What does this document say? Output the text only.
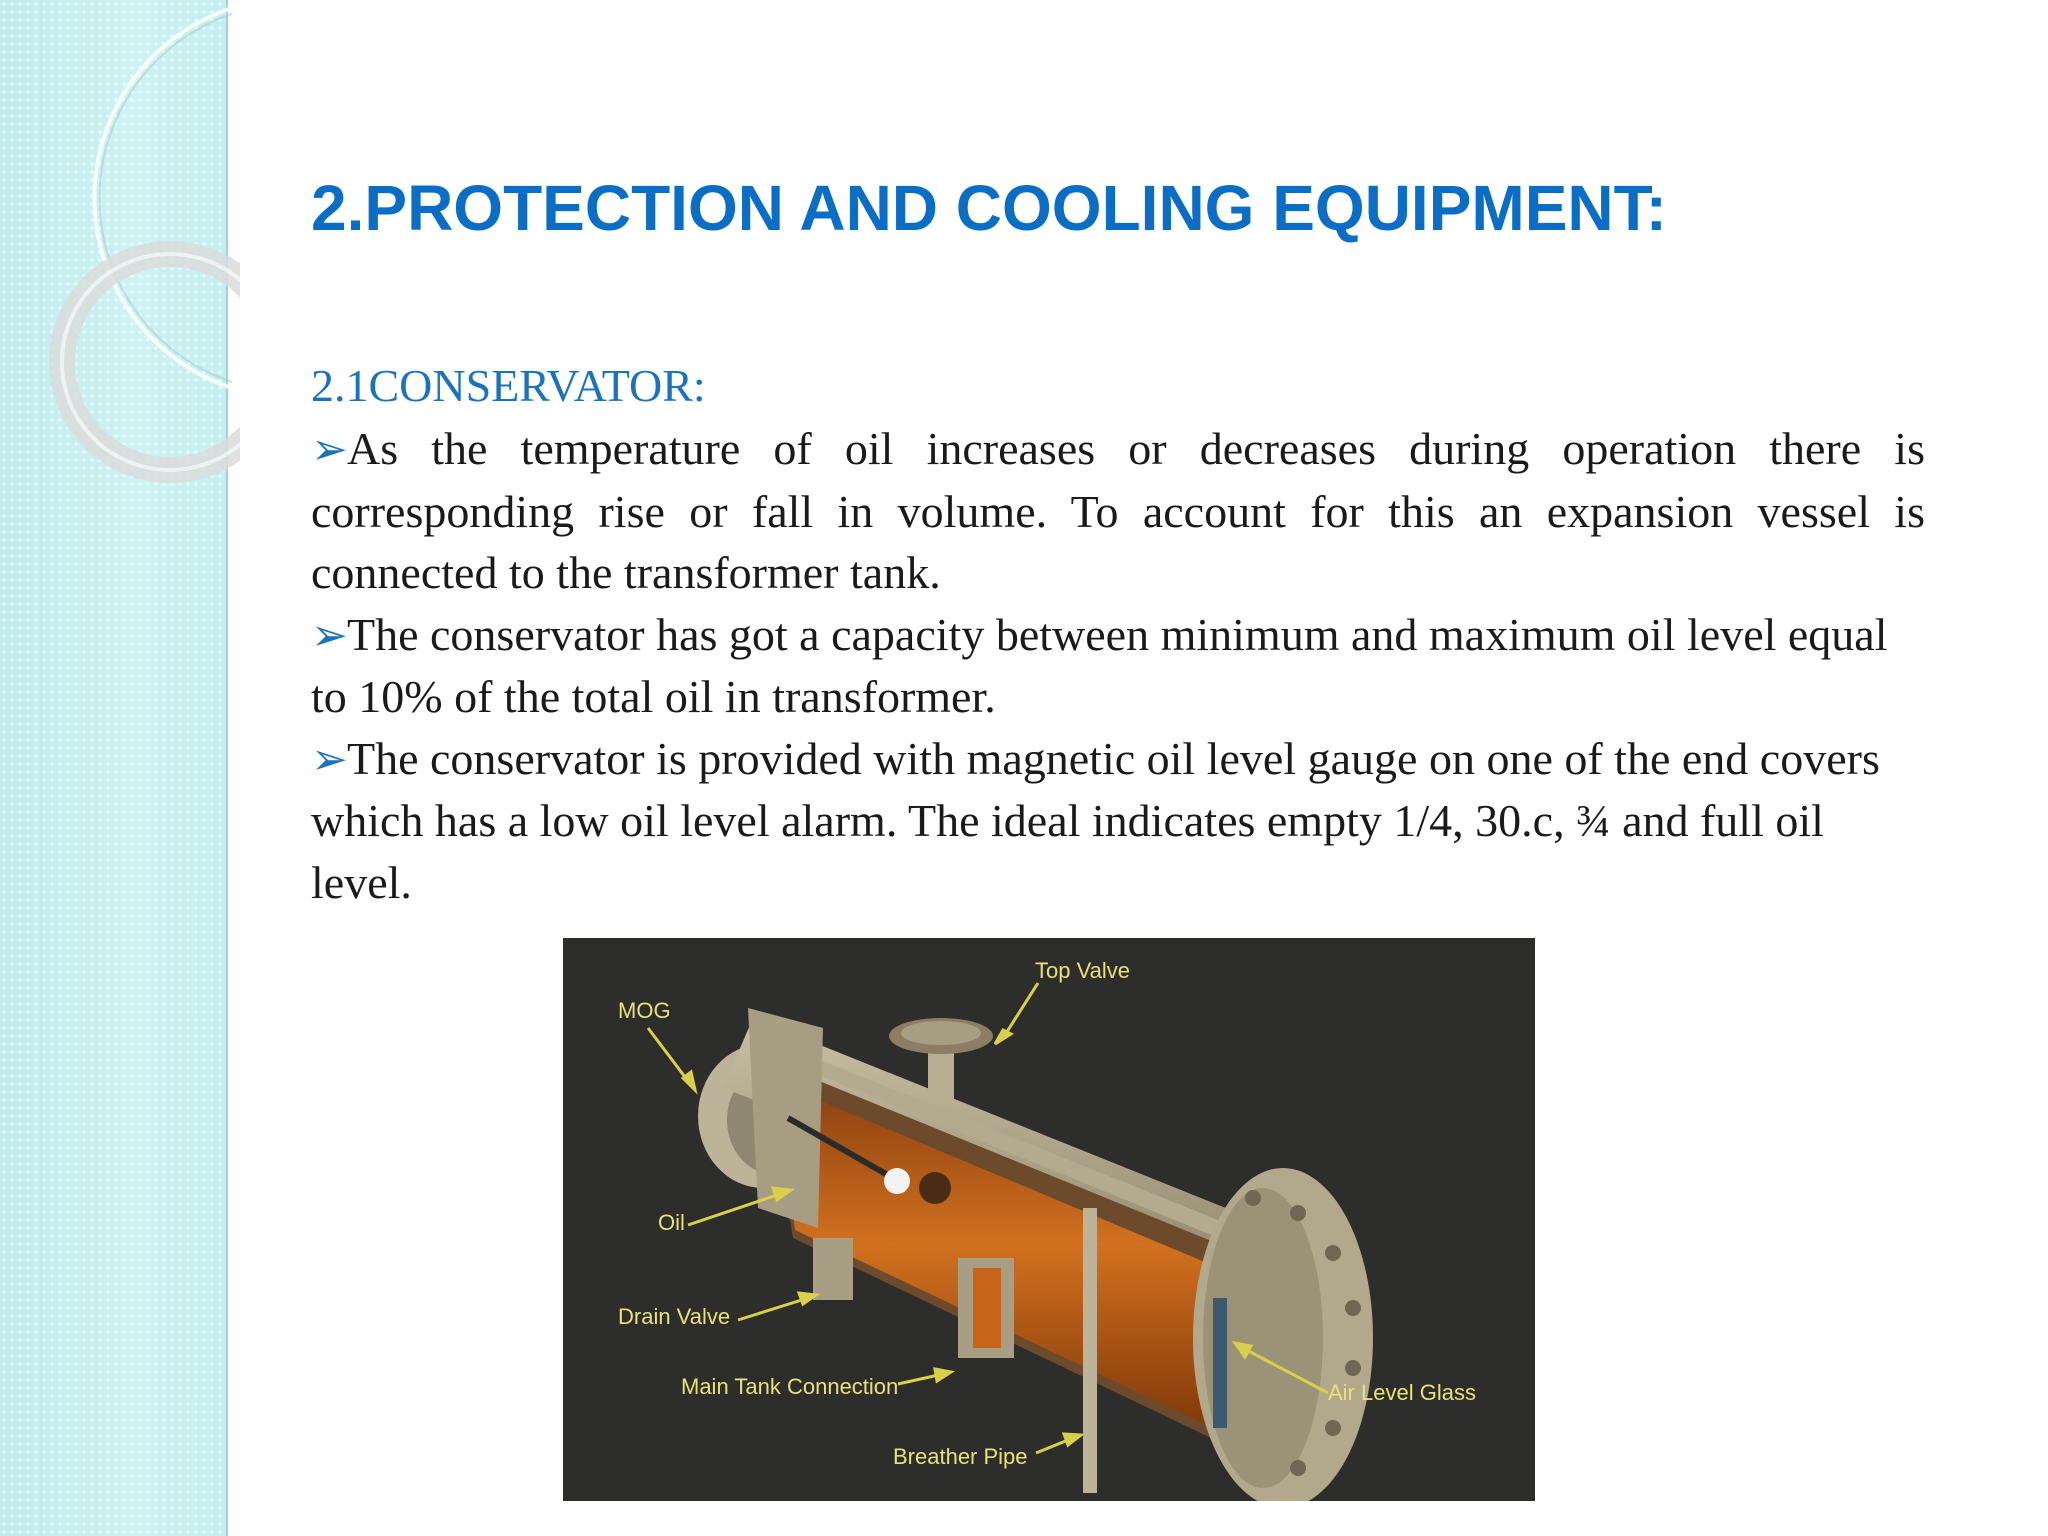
2.PROTECTION AND COOLING EQUIPMENT:
2.1CONSERVATOR:

➢As the temperature of oil increases or decreases during operation there is corresponding rise or fall in volume. To account for this an expansion vessel is connected to the transformer tank.

➢The conservator has got a capacity between minimum and maximum oil level equal to 10% of the total oil in transformer.

➢The conservator is provided with magnetic oil level gauge on one of the end covers which has a low oil level alarm. The ideal indicates empty 1/4, 30.c, ¾ and full oil level.

Top Valve
MOG
Oil
Drain Valve
Main Tank Connection
Breather Pipe
Air Level Glass
